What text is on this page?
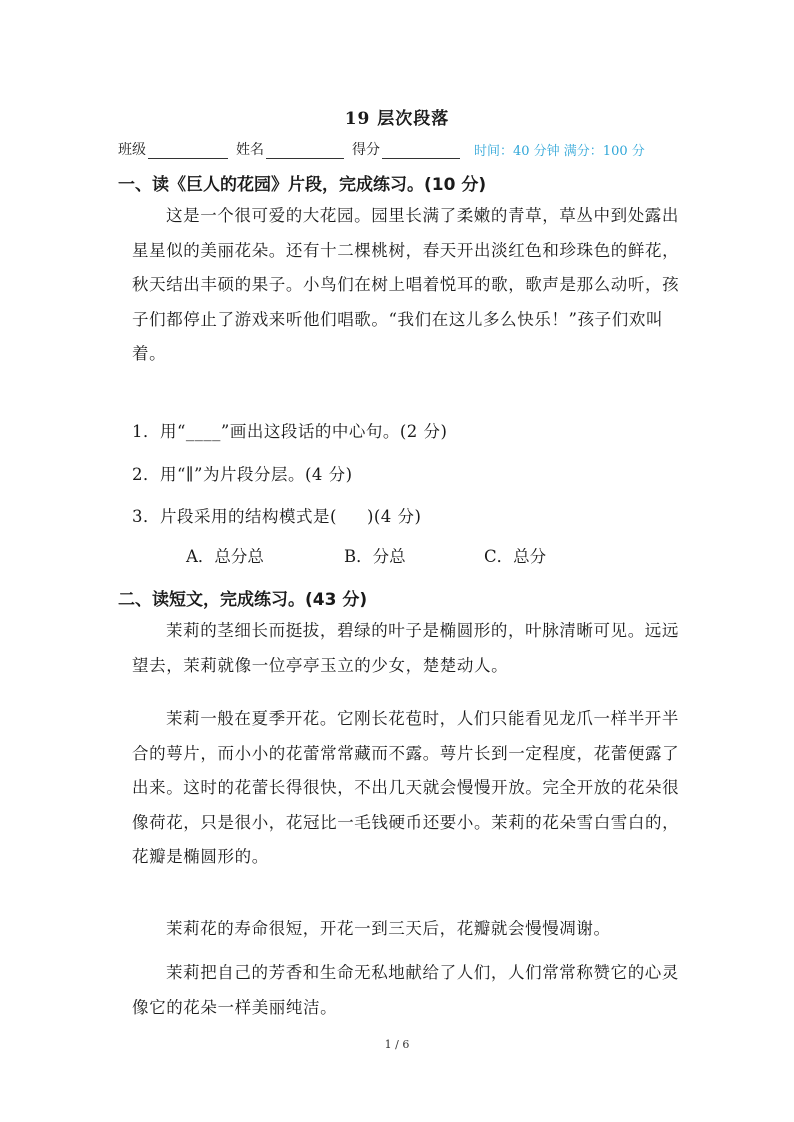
19 层次段落
班级	姓名	得分	时间：40 分钟 满分：100 分
一、读《巨人的花园》片段，完成练习。(10 分)

这是一个很可爱的大花园。园里长满了柔嫩的青草，草丛中到处露出星星似的美丽花朵。还有十二棵桃树，春天开出淡红色和珍珠色的鲜花，秋天结出丰硕的果子。小鸟们在树上唱着悦耳的歌，歌声是那么动听，孩子们都停止了游戏来听他们唱歌。“我们在这儿多么快乐！”孩子们欢叫着。

1．用“____”画出这段话的中心句。(2 分)
2．用“∥”为片段分层。(4 分)
3．片段采用的结构模式是( )(4 分)
A．总分总	B．分总	C．总分
二、读短文，完成练习。(43 分)

茉莉的茎细长而挺拔，碧绿的叶子是椭圆形的，叶脉清晰可见。远远望去，茉莉就像一位亭亭玉立的少女，楚楚动人。

茉莉一般在夏季开花。它刚长花苞时，人们只能看见龙爪一样半开半合的萼片，而小小的花蕾常常藏而不露。萼片长到一定程度，花蕾便露了出来。这时的花蕾长得很快，不出几天就会慢慢开放。完全开放的花朵很像荷花，只是很小，花冠比一毛钱硬币还要小。茉莉的花朵雪白雪白的，花瓣是椭圆形的。

茉莉花的寿命很短，开花一到三天后，花瓣就会慢慢凋谢。

茉莉把自己的芳香和生命无私地献给了人们，人们常常称赞它的心灵像它的花朵一样美丽纯洁。

1 / 6
